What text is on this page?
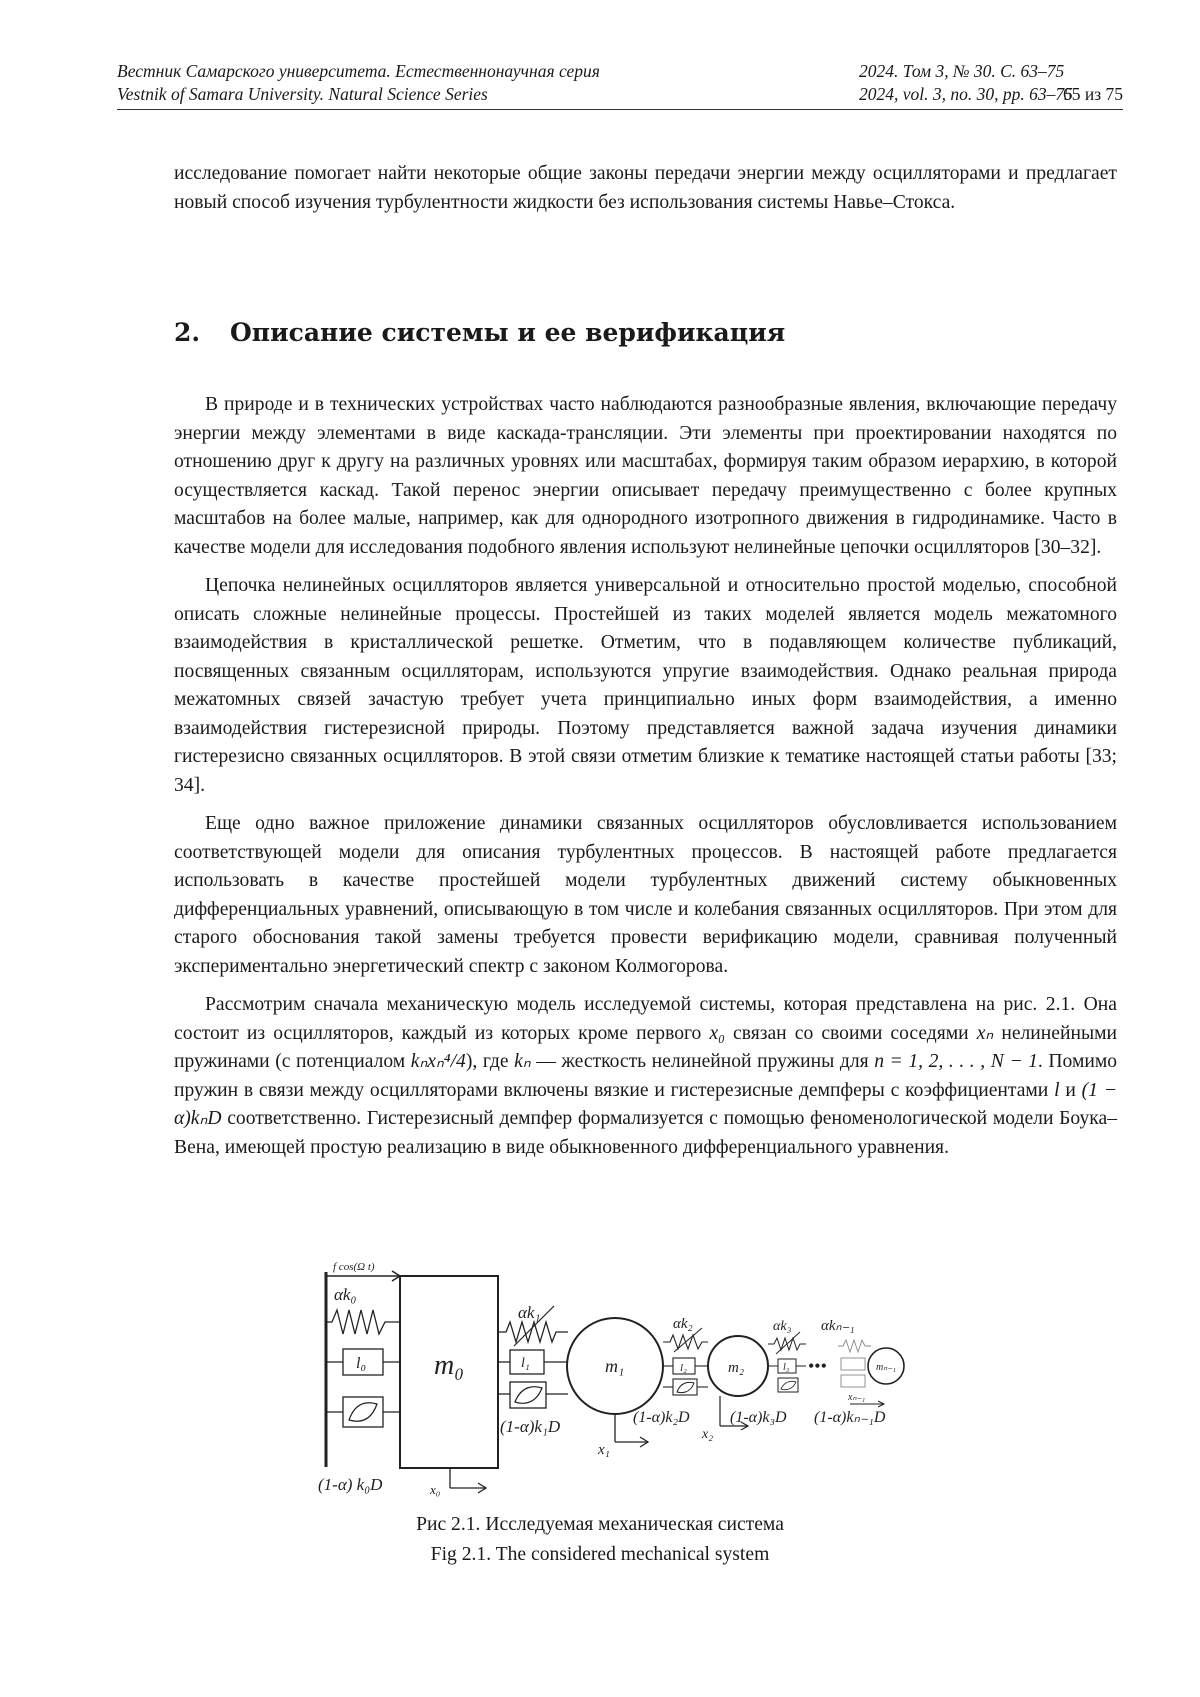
Вестник Самарского университета. Естественнонаучная серия	2024. Том 3, № 30. С. 63–75
Vestnik of Samara University. Natural Science Series	2024, vol. 3, no. 30, pp. 63–75
65 из 75

исследование помогает найти некоторые общие законы передачи энергии между осцилляторами и предлагает новый способ изучения турбулентности жидкости без использования системы Навье–Стокса.

2. Описание системы и ее верификация

В природе и в технических устройствах часто наблюдаются разнообразные явления, включающие передачу энергии между элементами в виде каскада-трансляции. Эти элементы при проектировании находятся по отношению друг к другу на различных уровнях или масштабах, формируя таким образом иерархию, в которой осуществляется каскад. Такой перенос энергии описывает передачу преимущественно с более крупных масштабов на более малые, например, как для однородного изотропного движения в гидродинамике. Часто в качестве модели для исследования подобного явления используют нелинейные цепочки осцилляторов [30–32].

Цепочка нелинейных осцилляторов является универсальной и относительно простой моделью, способной описать сложные нелинейные процессы. Простейшей из таких моделей является модель межатомного взаимодействия в кристаллической решетке. Отметим, что в подавляющем количестве публикаций, посвященных связанным осцилляторам, используются упругие взаимодействия. Однако реальная природа межатомных связей зачастую требует учета принципиально иных форм взаимодействия, а именно взаимодействия гистерезисной природы. Поэтому представляется важной задача изучения динамики гистерезисно связанных осцилляторов. В этой связи отметим близкие к тематике настоящей статьи работы [33; 34].

Еще одно важное приложение динамики связанных осцилляторов обусловливается использованием соответствующей модели для описания турбулентных процессов. В настоящей работе предлагается использовать в качестве простейшей модели турбулентных движений систему обыкновенных дифференциальных уравнений, описывающую в том числе и колебания связанных осцилляторов. При этом для старого обоснования такой замены требуется провести верификацию модели, сравнивая полученный экспериментально энергетический спектр с законом Колмогорова.

Рассмотрим сначала механическую модель исследуемой системы, которая представлена на рис. 2.1. Она состоит из осцилляторов, каждый из которых кроме первого x₀ связан со своими соседями xₙ нелинейными пружинами (с потенциалом kₙxₙ⁴/4), где kₙ — жесткость нелинейной пружины для n = 1, 2, . . . , N − 1. Помимо пружин в связи между осцилляторами включены вязкие и гистерезисные демпферы с коэффициентами l и (1 − α)kₙD соответственно. Гистерезисный демпфер формализуется с помощью феноменологической модели Боука–Вена, имеющей простую реализацию в виде обыкновенного дифференциального уравнения.

f cos(Ω t)
αk₀
l₀
(1-α) k₀D
m₀
x₀
αk₁
l₁
(1-α)k₁D
m₁
x₁
αk₂
l₂
(1-α)k₂D
m₂
x₂
αk₃
l₃
(1-α)k₃D
•••
αkₙ₋₁
mₙ₋₁
xₙ₋₁
(1-α)kₙ₋₁D
Рис 2.1. Исследуемая механическая система
Fig 2.1. The considered mechanical system
